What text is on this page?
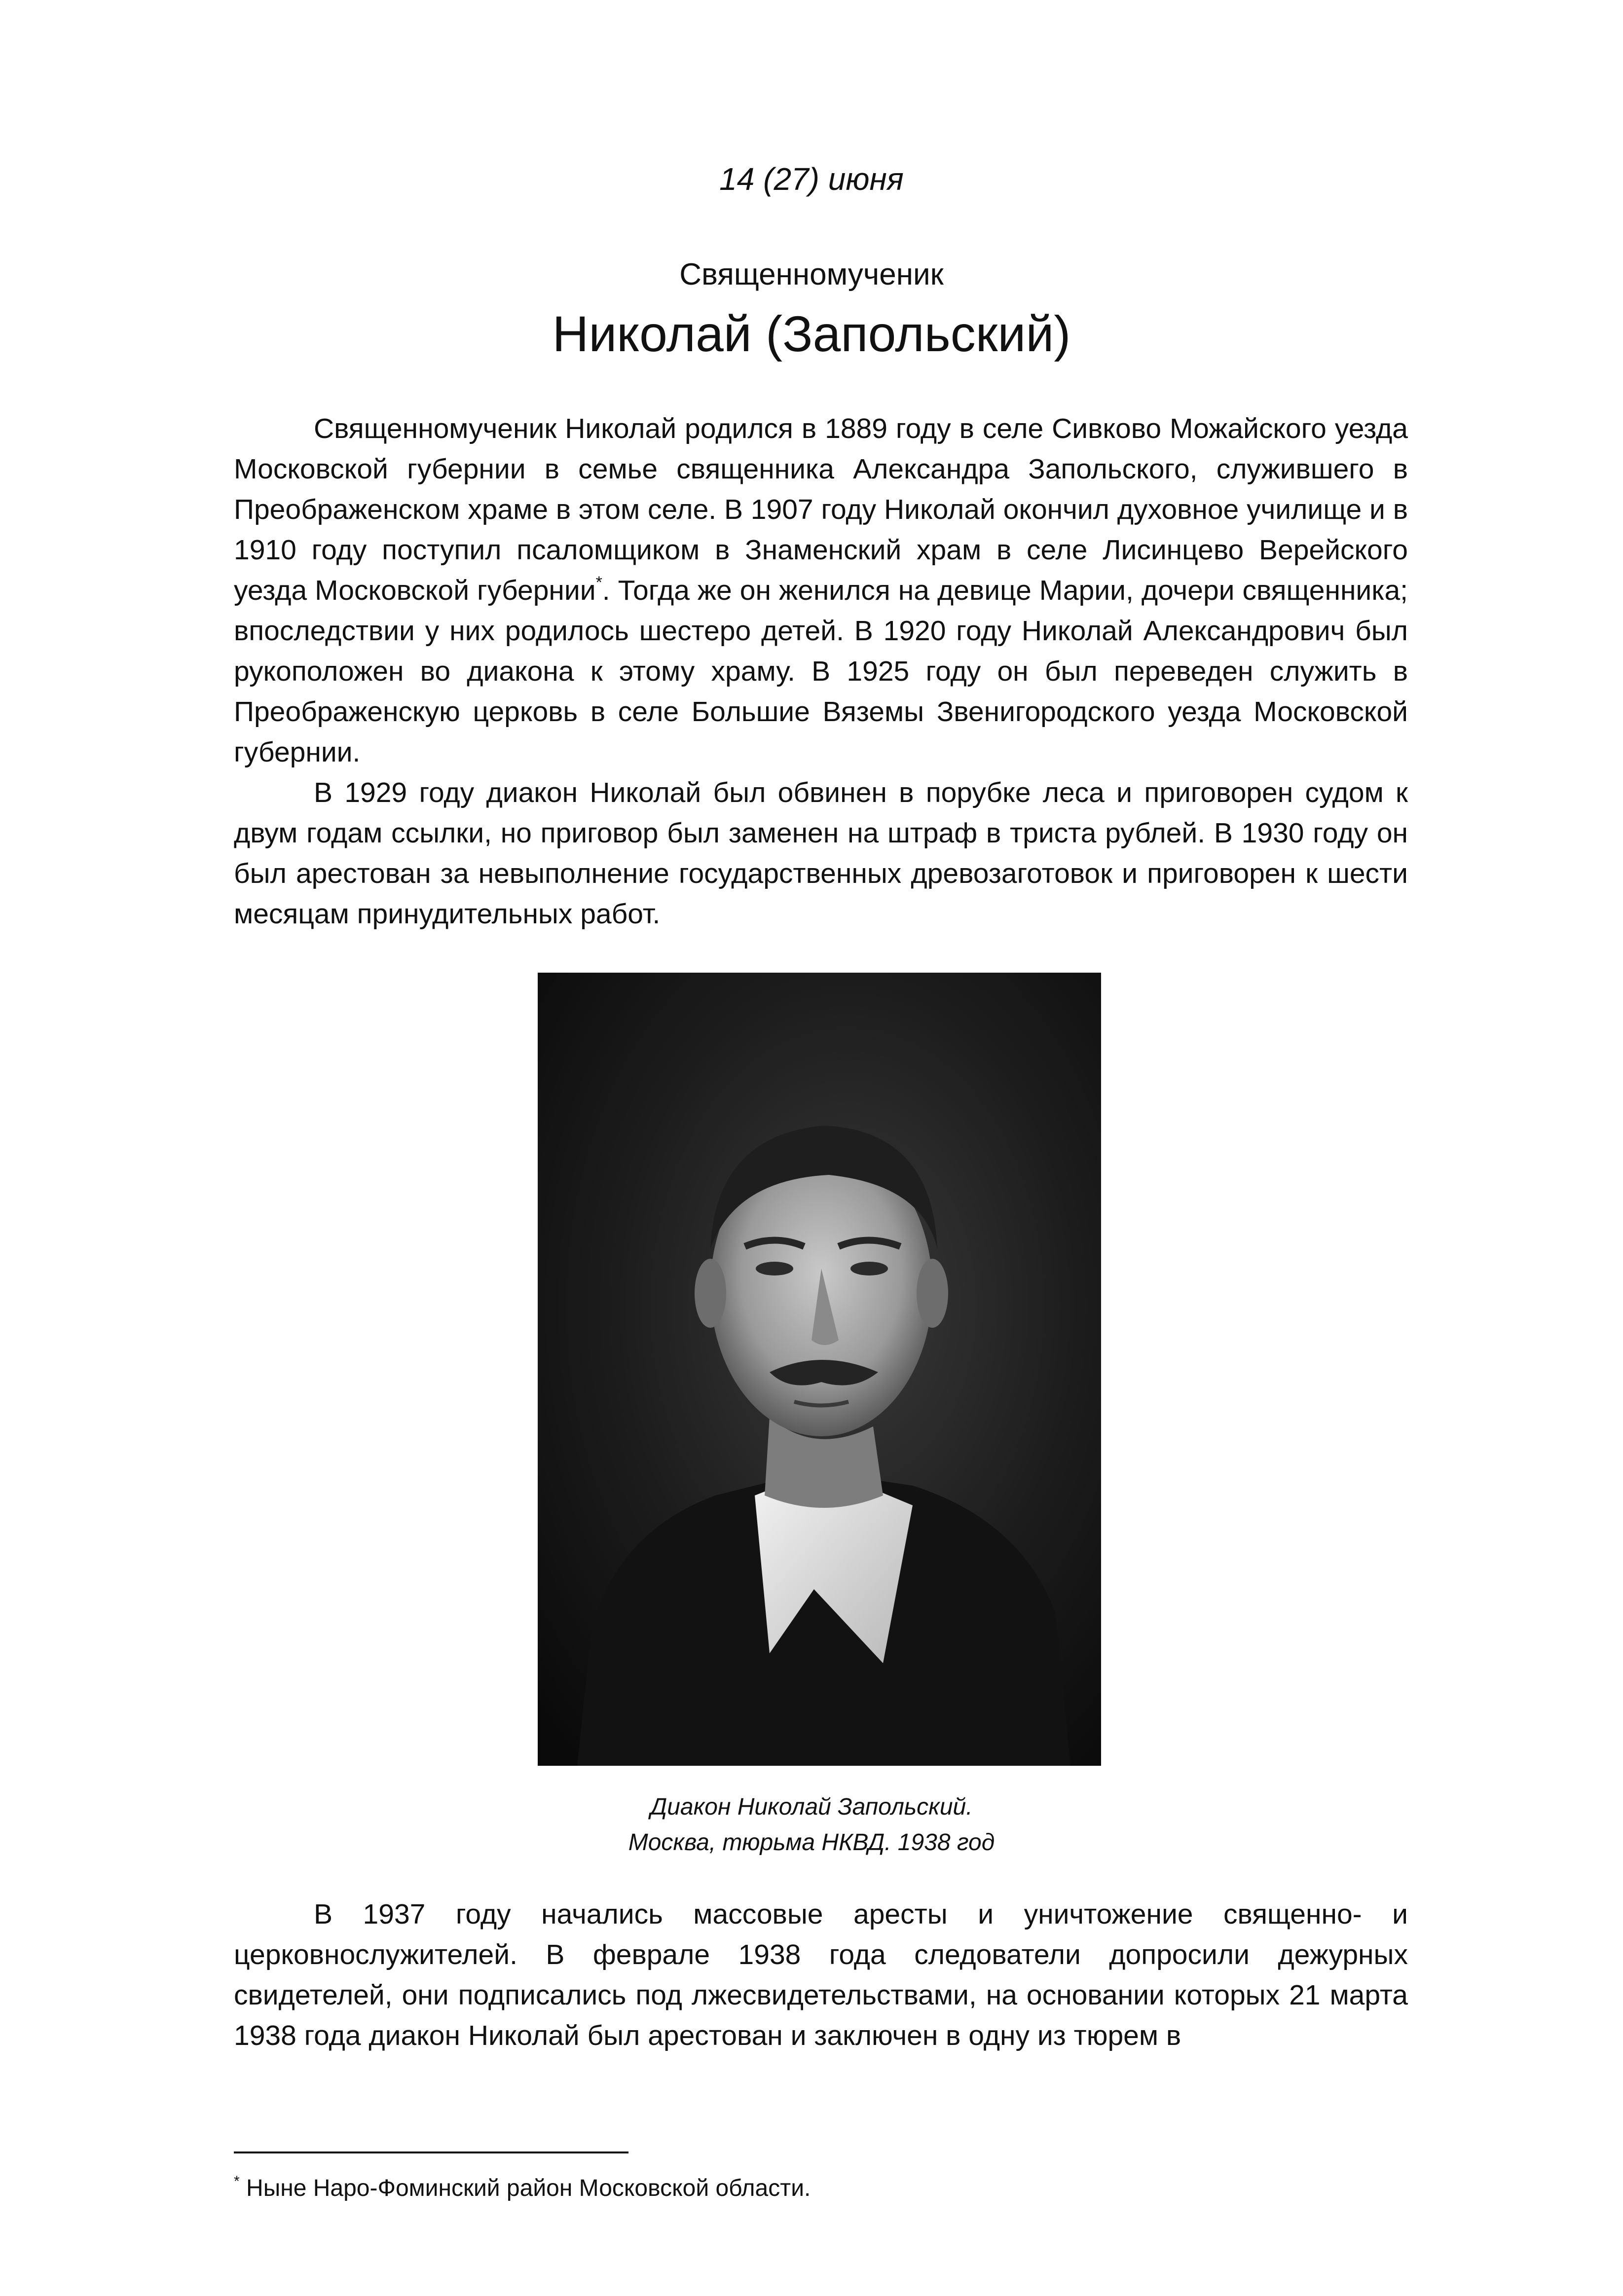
14 (27) июня
Священномученик
Николай (Запольский)

Священномученик Николай родился в 1889 году в селе Сивково Можайского уезда Московской губернии в семье священника Александра Запольского, служившего в Преображенском храме в этом селе. В 1907 году Николай окончил духовное училище и в 1910 году поступил псаломщиком в Знаменский храм в селе Лисинцево Верейского уезда Московской губернии*. Тогда же он женился на девице Марии, дочери священника; впоследствии у них родилось шестеро детей. В 1920 году Николай Александрович был рукоположен во диакона к этому храму. В 1925 году он был переведен служить в Преображенскую церковь в селе Большие Вяземы Звенигородского уезда Московской губернии.

В 1929 году диакон Николай был обвинен в порубке леса и приговорен судом к двум годам ссылки, но приговор был заменен на штраф в триста рублей. В 1930 году он был арестован за невыполнение государственных древозаготовок и приговорен к шести месяцам принудительных работ.

Диакон Николай Запольский.
Москва, тюрьма НКВД. 1938 год

В 1937 году начались массовые аресты и уничтожение священно- и церковнослужителей. В феврале 1938 года следователи допросили дежурных свидетелей, они подписались под лжесвидетельствами, на основании которых 21 марта 1938 года диакон Николай был арестован и заключен в одну из тюрем в

* Ныне Наро-Фоминский район Московской области.
